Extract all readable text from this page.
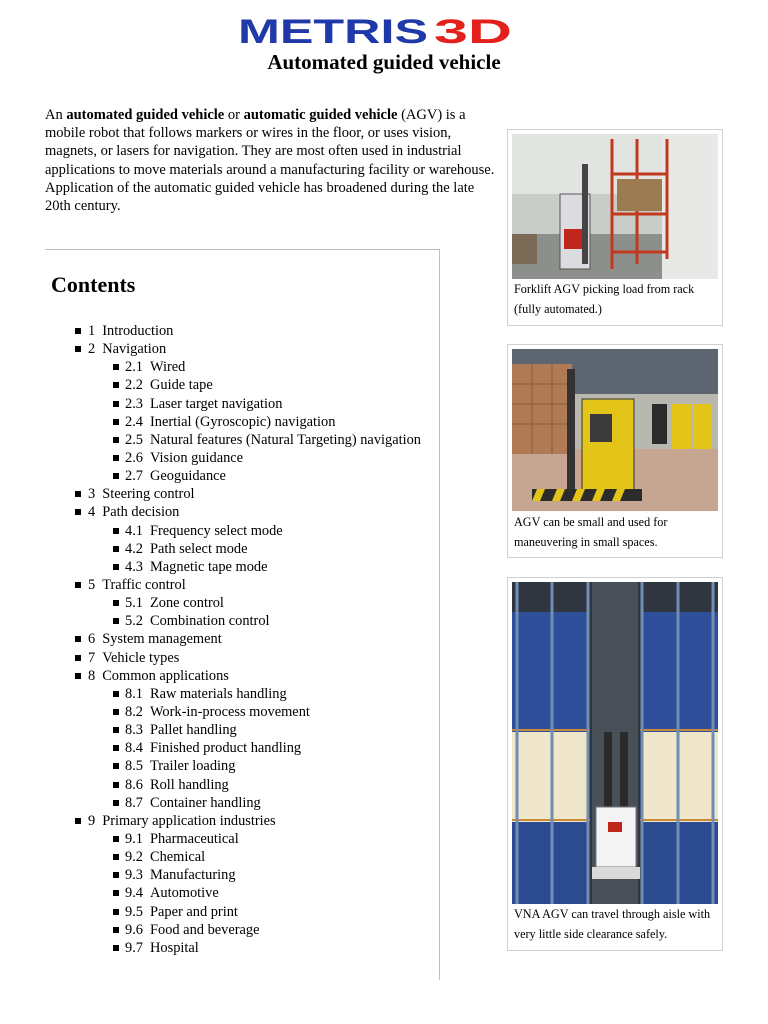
METRIS 3D
Automated guided vehicle

An automated guided vehicle or automatic guided vehicle (AGV) is a mobile robot that follows markers or wires in the floor, or uses vision, magnets, or lasers for navigation. They are most often used in industrial applications to move materials around a manufacturing facility or warehouse. Application of the automatic guided vehicle has broadened during the late 20th century.

Contents
1 Introduction
2 Navigation
2.1 Wired
2.2 Guide tape
2.3 Laser target navigation
2.4 Inertial (Gyroscopic) navigation
2.5 Natural features (Natural Targeting) navigation
2.6 Vision guidance
2.7 Geoguidance
3 Steering control
4 Path decision
4.1 Frequency select mode
4.2 Path select mode
4.3 Magnetic tape mode
5 Traffic control
5.1 Zone control
5.2 Combination control
6 System management
7 Vehicle types
8 Common applications
8.1 Raw materials handling
8.2 Work-in-process movement
8.3 Pallet handling
8.4 Finished product handling
8.5 Trailer loading
8.6 Roll handling
8.7 Container handling
9 Primary application industries
9.1 Pharmaceutical
9.2 Chemical
9.3 Manufacturing
9.4 Automotive
9.5 Paper and print
9.6 Food and beverage
9.7 Hospital
Forklift AGV picking load from rack (fully automated.)
AGV can be small and used for maneuvering in small spaces.
VNA AGV can travel through aisle with very little side clearance safely.
